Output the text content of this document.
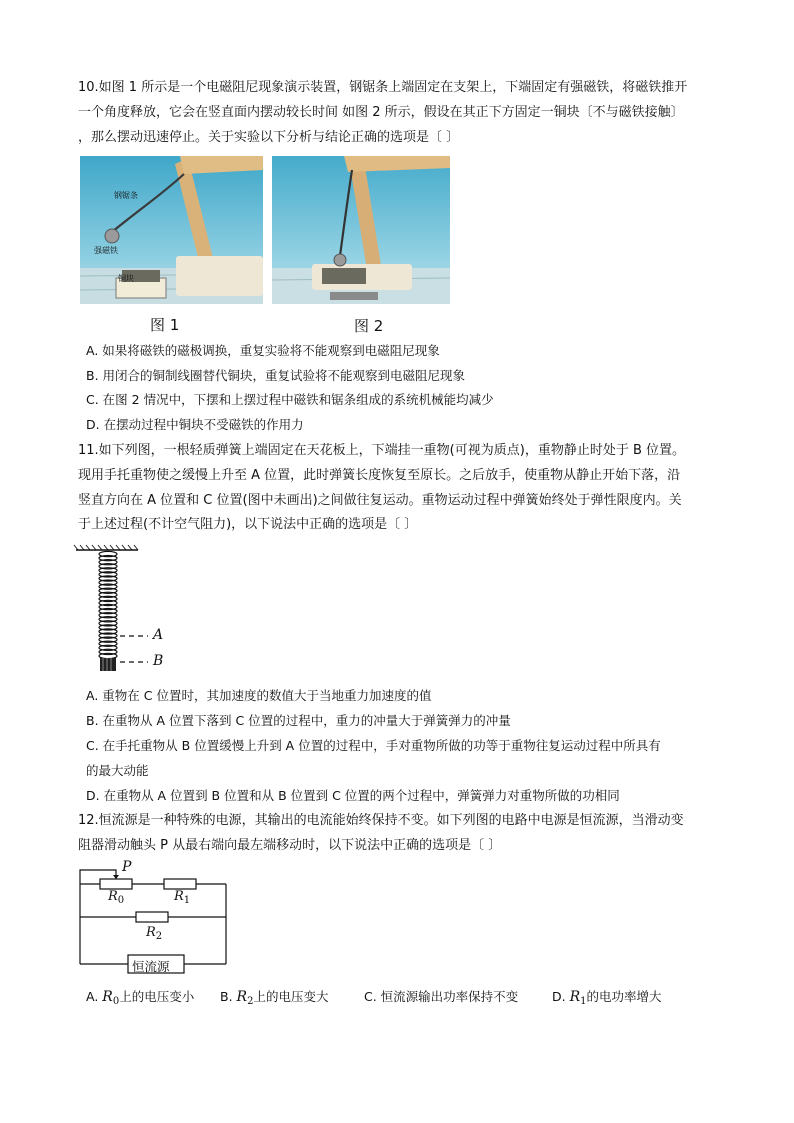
10.如图 1 所示是一个电磁阻尼现象演示装置，钢锯条上端固定在支架上，下端固定有强磁铁，将磁铁推开
一个角度释放，它会在竖直面内摆动较长时间 如图 2 所示，假设在其正下方固定一铜块〔不与磁铁接触〕
，那么摆动迅速停止。关于实验以下分析与结论正确的选项是〔 〕
钢锯条
强磁铁
铜块
图 1	图 2
A. 如果将磁铁的磁极调换，重复实验将不能观察到电磁阻尼现象
B. 用闭合的铜制线圈替代铜块，重复试验将不能观察到电磁阻尼现象
C. 在图 2 情况中，下摆和上摆过程中磁铁和锯条组成的系统机械能均减少
D. 在摆动过程中铜块不受磁铁的作用力
11.如下列图，一根轻质弹簧上端固定在天花板上，下端挂一重物(可视为质点)，重物静止时处于 B 位置。
现用手托重物使之缓慢上升至 A 位置，此时弹簧长度恢复至原长。之后放手，使重物从静止开始下落，沿
竖直方向在 A 位置和 C 位置(图中未画出)之间做往复运动。重物运动过程中弹簧始终处于弹性限度内。关
于上述过程(不计空气阻力)，以下说法中正确的选项是〔 〕
A
B
A. 重物在 C 位置时，其加速度的数值大于当地重力加速度的值
B. 在重物从 A 位置下落到 C 位置的过程中，重力的冲量大于弹簧弹力的冲量
C. 在手托重物从 B 位置缓慢上升到 A 位置的过程中，手对重物所做的功等于重物往复运动过程中所具有
的最大动能
D. 在重物从 A 位置到 B 位置和从 B 位置到 C 位置的两个过程中，弹簧弹力对重物所做的功相同
12.恒流源是一种特殊的电源，其输出的电流能始终保持不变。如下列图的电路中电源是恒流源，当滑动变
阻器滑动触头 P 从最右端向最左端移动时，以下说法中正确的选项是〔 〕
P
$R_0$	$R_1$
$R_2$
恒流源
A. $R_0$上的电压变小 B. $R_2$上的电压变大	C. 恒流源输出功率保持不变	D. $R_1$的电功率增大
